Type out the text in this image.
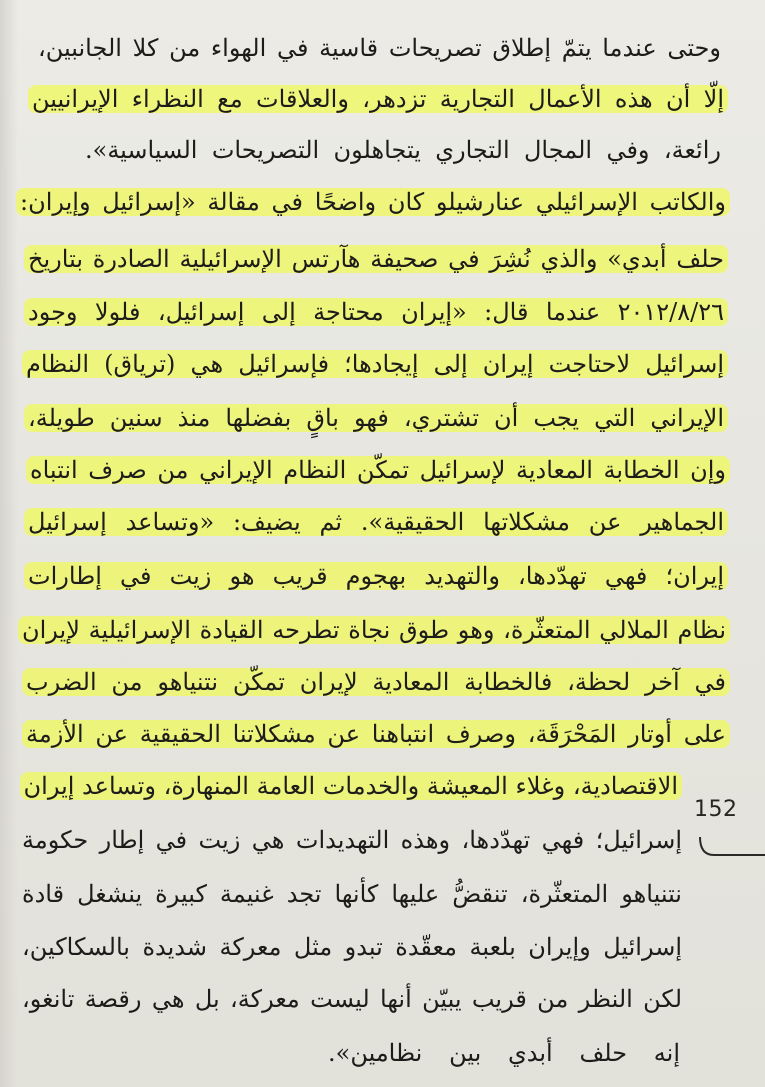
وحتى عندما يتمّ إطلاق تصريحات قاسية في الهواء من كلا الجانبين،
إلّا أن هذه الأعمال التجارية تزدهر، والعلاقات مع النظراء الإيرانيين
رائعة، وفي المجال التجاري يتجاهلون التصريحات السياسية».
والكاتب الإسرائيلي عنارشيلو كان واضحًا في مقالة «إسرائيل وإيران:
حلف أبدي» والذي نُشِرَ في صحيفة هآرتس الإسرائيلية الصادرة بتاريخ
٢٠١٢/٨/٢٦ عندما قال: «إيران محتاجة إلى إسرائيل، فلولا وجود
إسرائيل لاحتاجت إيران إلى إيجادها؛ فإسرائيل هي (ترياق) النظام
الإيراني التي يجب أن تشتري، فهو باقٍ بفضلها منذ سنين طويلة،
وإن الخطابة المعادية لإسرائيل تمكّن النظام الإيراني من صرف انتباه
الجماهير عن مشكلاتها الحقيقية». ثم يضيف: «وتساعد إسرائيل
إيران؛ فهي تهدّدها، والتهديد بهجوم قريب هو زيت في إطارات
نظام الملالي المتعثّرة، وهو طوق نجاة تطرحه القيادة الإسرائيلية لإيران
في آخر لحظة، فالخطابة المعادية لإيران تمكّن نتنياهو من الضرب
على أوتار المَحْرَقَة، وصرف انتباهنا عن مشكلاتنا الحقيقية عن الأزمة
الاقتصادية، وغلاء المعيشة والخدمات العامة المنهارة، وتساعد إيران
إسرائيل؛ فهي تهدّدها، وهذه التهديدات هي زيت في إطار حكومة
نتنياهو المتعثّرة، تنقضُّ عليها كأنها تجد غنيمة كبيرة ينشغل قادة
إسرائيل وإيران بلعبة معقّدة تبدو مثل معركة شديدة بالسكاكين،
لكن النظر من قريب يبيّن أنها ليست معركة، بل هي رقصة تانغو،
إنه حلف أبدي بين نظامين».
152
